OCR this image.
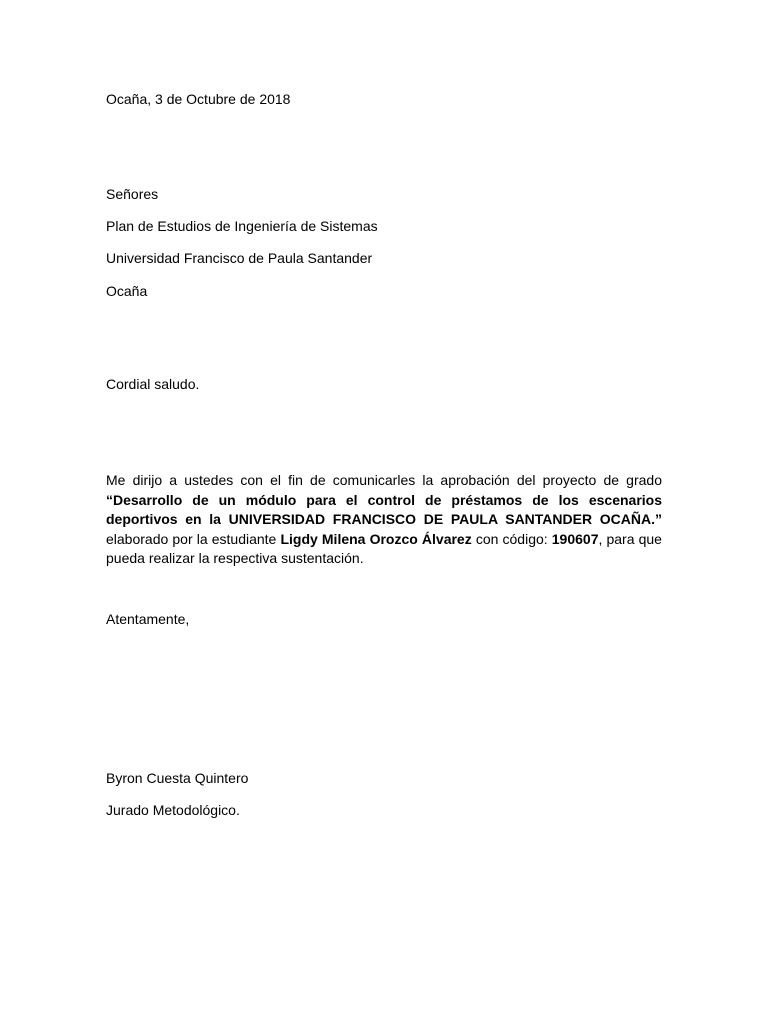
Ocaña, 3 de Octubre de 2018

Señores

Plan de Estudios de Ingeniería de Sistemas

Universidad Francisco de Paula Santander

Ocaña

Cordial saludo.

Me dirijo a ustedes con el fin de comunicarles la aprobación del proyecto de grado “Desarrollo de un módulo para el control de préstamos de los escenarios deportivos en la UNIVERSIDAD FRANCISCO DE PAULA SANTANDER OCAÑA.” elaborado por la estudiante Ligdy Milena Orozco Álvarez con código: 190607, para que pueda realizar la respectiva sustentación.

Atentamente,

Byron Cuesta Quintero

Jurado Metodológico.
